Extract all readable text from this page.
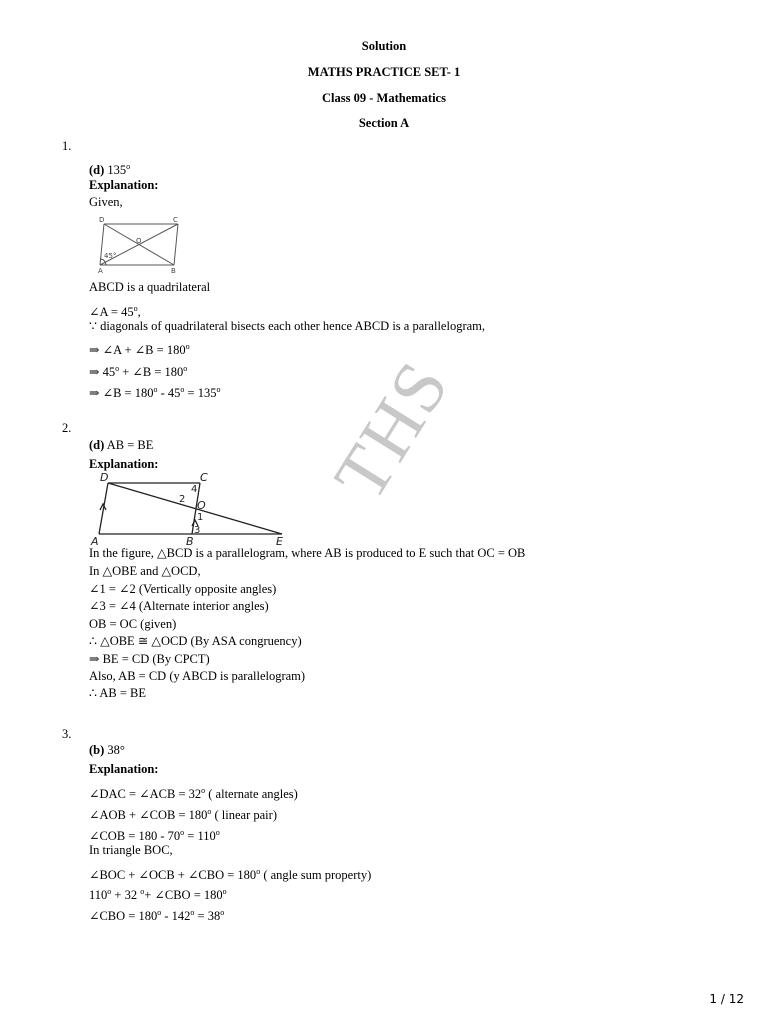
THS
Solution
MATHS PRACTICE SET- 1
Class 09 - Mathematics
Section A
1.
(d) 135$^o$
Explanation:
Given,
D	C
O
A	B
45°
ABCD is a quadrilateral
∠A = $45^o$,
∵ diagonals of quadrilateral bisects each other hence ABCD is a parallelogram,
⇒ ∠A + ∠B = $180^o$
⇒ $45^o$ + ∠B = $180^o$
⇒ ∠B = $180^o - 45^o = 135^o$
2.
(d) AB = BE
Explanation:
D	C
A	B	E
O
4
2
1
3
In the figure, △BCD is a parallelogram, where AB is produced to E such that OC = OB
In △OBE and △OCD,
∠1 = ∠2 (Vertically opposite angles)
∠3 = ∠4 (Alternate interior angles)
OB = OC (given)
∴ △OBE ≅ △OCD (By ASA congruency)
⇒ BE = CD (By CPCT)
Also, AB = CD (y ABCD is parallelogram)
∴ AB = BE
3.
(b) 38°
Explanation:
∠DAC = ∠ACB = $32^o$ ( alternate angles)
∠AOB + ∠COB = $180^o$ ( linear pair)
∠COB = $180 - 70^o = 110^o$
In triangle BOC,
∠BOC + ∠OCB + ∠CBO = $180^o$ ( angle sum property)
$110^o + 32$ $^o$+ ∠CBO = $180^o$
∠CBO = $180^o - 142^o = 38^o$
1 / 12
